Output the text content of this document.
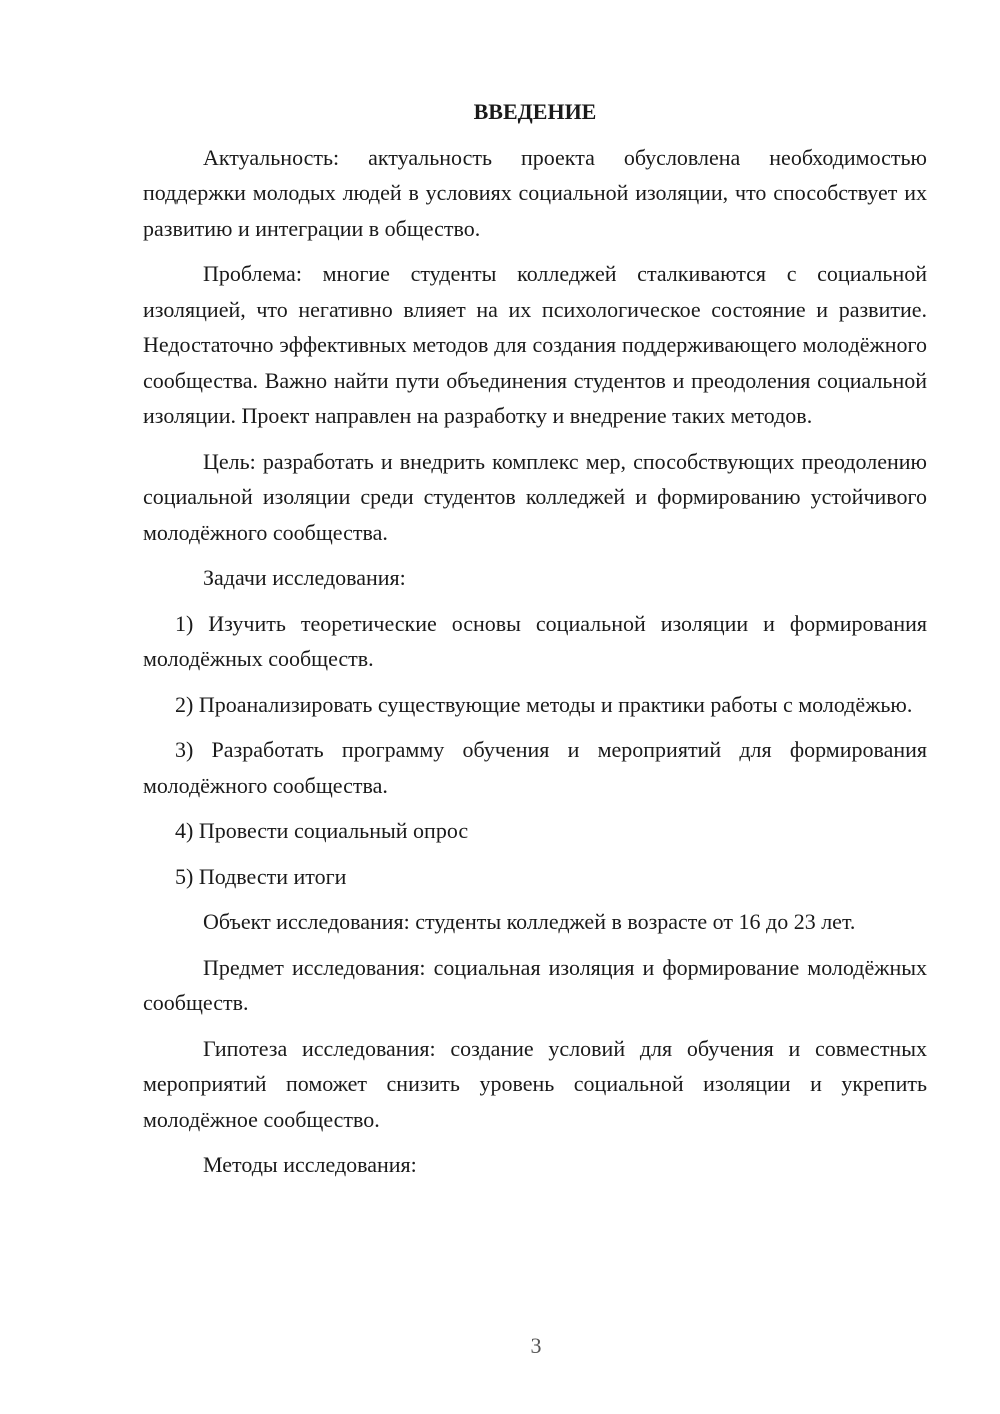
ВВЕДЕНИЕ

Актуальность: актуальность проекта обусловлена необходимостью поддержки молодых людей в условиях социальной изоляции, что способствует их развитию и интеграции в общество.

Проблема: многие студенты колледжей сталкиваются с социальной изоляцией, что негативно влияет на их психологическое состояние и развитие. Недостаточно эффективных методов для создания поддерживающего молодёжного сообщества. Важно найти пути объединения студентов и преодоления социальной изоляции. Проект направлен на разработку и внедрение таких методов.

Цель: разработать и внедрить комплекс мер, способствующих преодолению социальной изоляции среди студентов колледжей и формированию устойчивого молодёжного сообщества.

Задачи исследования:

1) Изучить теоретические основы социальной изоляции и формирования молодёжных сообществ.

2) Проанализировать существующие методы и практики работы с молодёжью.

3) Разработать программу обучения и мероприятий для формирования молодёжного сообщества.

4) Провести социальный опрос

5) Подвести итоги

Объект исследования: студенты колледжей в возрасте от 16 до 23 лет.

Предмет исследования: социальная изоляция и формирование молодёжных сообществ.

Гипотеза исследования: создание условий для обучения и совместных мероприятий поможет снизить уровень социальной изоляции и укрепить молодёжное сообщество.

Методы исследования:

3
